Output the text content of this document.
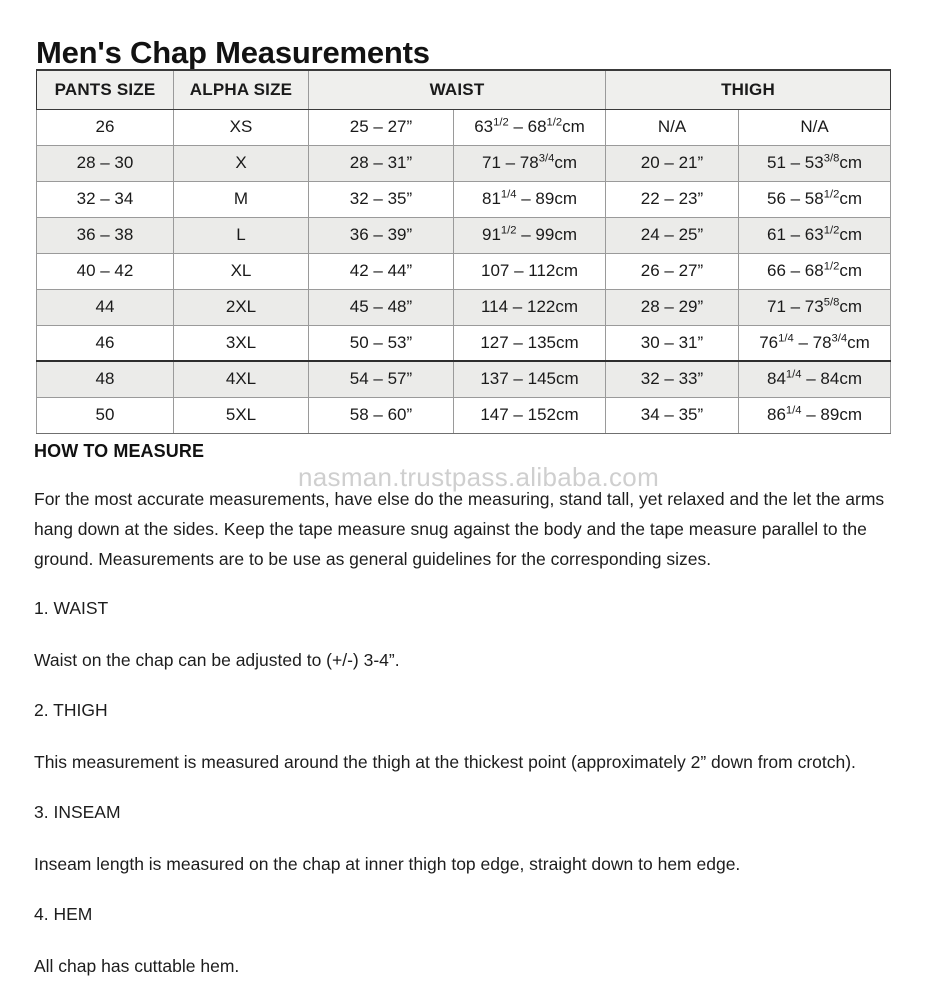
Men's Chap Measurements
PANTS SIZE	ALPHA SIZE	WAIST		THIGH	
26	XS	25 – 27”	$63^{1/2} - 68^{1/2}cm$	N/A	N/A
28 – 30	X	28 – 31”	$71 - 78^{3/4}cm$	20 – 21”	$51 - 53^{3/8}cm$
32 – 34	M	32 – 35”	$81^{1/4} - 89cm$	22 – 23”	$56 - 58^{1/2}cm$
36 – 38	L	36 – 39”	$91^{1/2} - 99cm$	24 – 25”	$61 - 63^{1/2}cm$
40 – 42	XL	42 – 44”	107 – 112cm	26 – 27”	$66 - 68^{1/2}cm$
44	2XL	45 – 48”	114 – 122cm	28 – 29”	$71 - 73^{5/8}cm$
46	3XL	50 – 53”	127 – 135cm	30 – 31”	$76^{1/4} - 78^{3/4}cm$
48	4XL	54 – 57”	137 – 145cm	32 – 33”	$84^{1/4} - 84cm$
50	5XL	58 – 60”	147 – 152cm	34 – 35”	$86^{1/4} - 89cm$
nasman.trustpass.alibaba.com
HOW TO MEASURE

For the most accurate measurements, have else do the measuring, stand tall, yet relaxed and the let the arms hang down at the sides. Keep the tape measure snug against the body and the tape measure parallel to the ground. Measurements are to be use as general guidelines for the corresponding sizes.

1. WAIST

Waist on the chap can be adjusted to (+/-) 3-4”.

2. THIGH

This measurement is measured around the thigh at the thickest point (approximately 2” down from crotch).

3. INSEAM

Inseam length is measured on the chap at inner thigh top edge, straight down to hem edge.

4. HEM

All chap has cuttable hem.
